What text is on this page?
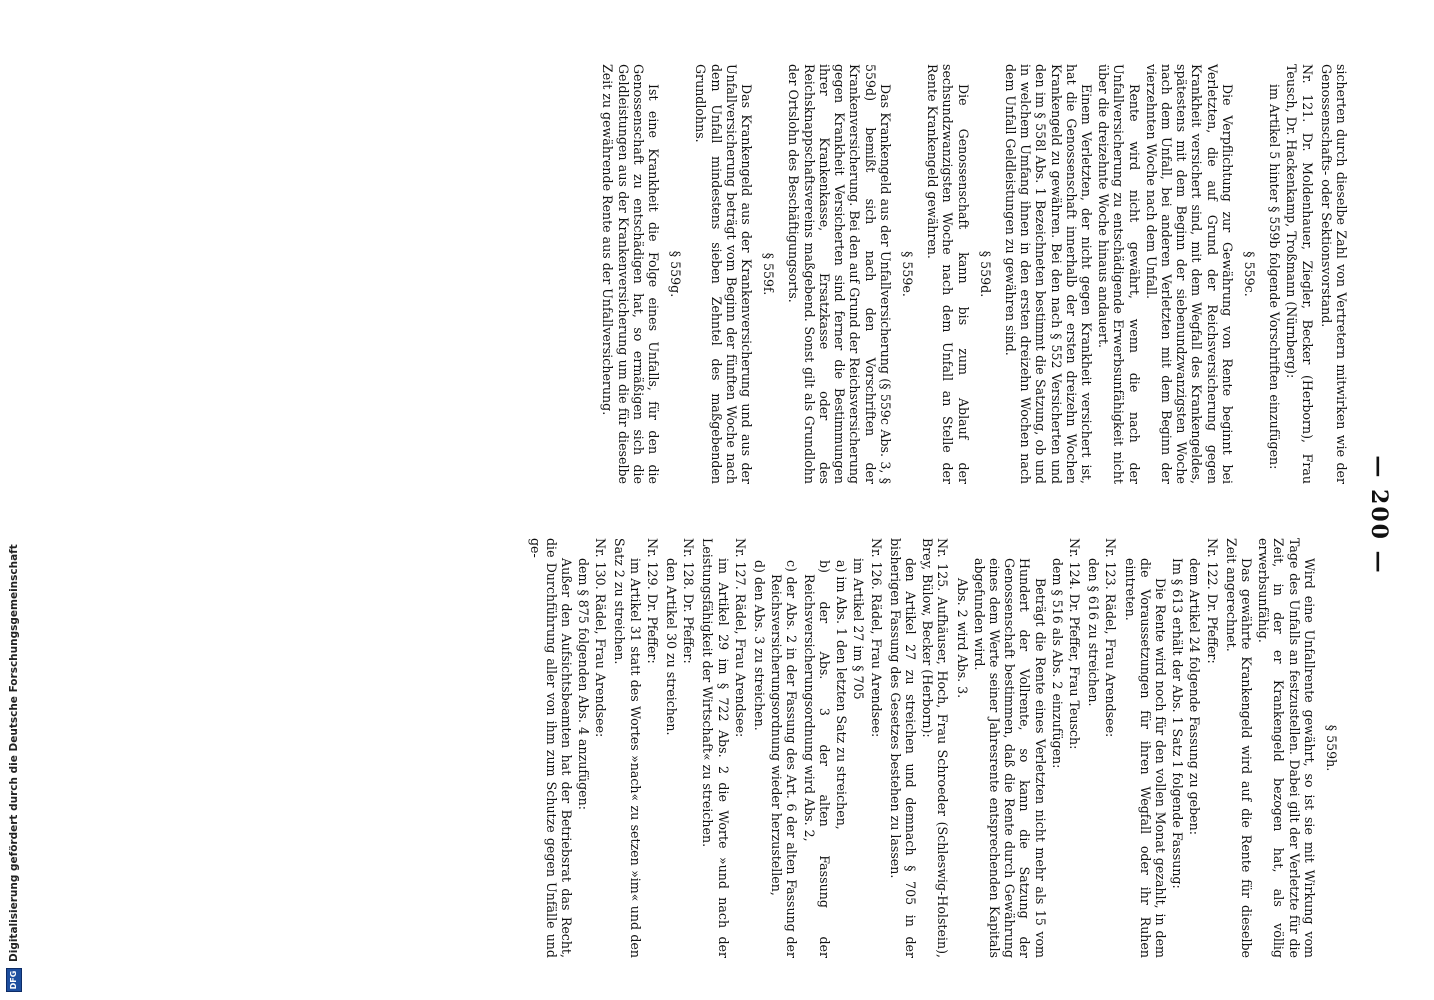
— 200 —

sicherten durch dieselbe Zahl von Vertretern mitwirken wie der Genossenschafts- oder Sektionsvorstand.

Nr. 121. Dr. Moldenhauer, Ziegler, Becker (Herborn), Frau Teusch, Dr. Hackenkamp, Troßmann (Nürnberg):

im Artikel 5 hinter § 559b folgende Vorschriften einzufügen:

§ 559c.

Die Verpflichtung zur Gewährung von Rente beginnt bei Verletzten, die auf Grund der Reichsversicherung gegen Krankheit versichert sind, mit dem Wegfall des Krankengeldes, spätestens mit dem Beginn der siebenundzwanzigsten Woche nach dem Unfall, bei anderen Verletzten mit dem Beginn der vierzehnten Woche nach dem Unfall.

Rente wird nicht gewährt, wenn die nach der Unfallversicherung zu entschädigende Erwerbsunfähigkeit nicht über die dreizehnte Woche hinaus andauert.

Einem Verletzten, der nicht gegen Krankheit versichert ist, hat die Genossenschaft innerhalb der ersten dreizehn Wochen Krankengeld zu gewähren. Bei den nach § 552 Versicherten und den im § 558l Abs. 1 Bezeichneten bestimmt die Satzung, ob und in welchem Umfang ihnen in den ersten dreizehn Wochen nach dem Unfall Geldleistungen zu gewähren sind.

§ 559d.

Die Genossenschaft kann bis zum Ablauf der sechsundzwanzigsten Woche nach dem Unfall an Stelle der Rente Krankengeld gewähren.

§ 559e.

Das Krankengeld aus der Unfallversicherung (§ 559c Abs. 3, § 559d) bemißt sich nach den Vorschriften der Krankenversicherung. Bei den auf Grund der Reichsversicherung gegen Krankheit Versicherten sind ferner die Bestimmungen ihrer Krankenkasse, Ersatzkasse oder des Reichsknappschaftsvereins maßgebend. Sonst gilt als Grundlohn der Ortslohn des Beschäftigungsorts.

§ 559f.

Das Krankengeld aus der Krankenversicherung und aus der Unfallversicherung beträgt vom Beginn der fünften Woche nach dem Unfall mindestens sieben Zehntel des maßgebenden Grundlohns.

§ 559g.

Ist eine Krankheit die Folge eines Unfalls, für den die Genossenschaft zu entschädigen hat, so ermäßigen sich die Geldleistungen aus der Krankenversicherung um die für dieselbe Zeit zu gewährende Rente aus der Unfallversicherung.

§ 559h.

Wird eine Unfallrente gewährt, so ist sie mit Wirkung vom Tage des Unfalls an festzustellen. Dabei gilt der Verletzte für die Zeit, in der er Krankengeld bezogen hat, als völlig erwerbsunfähig.

Das gewährte Krankengeld wird auf die Rente für dieselbe Zeit angerechnet.

Nr. 122. Dr. Pfeffer:

dem Artikel 24 folgende Fassung zu geben:

Im § 613 erhält der Abs. 1 Satz 1 folgende Fassung:

Die Rente wird noch für den vollen Monat gezahlt, in dem die Voraussetzungen für ihren Wegfall oder ihr Ruhen eintreten.

Nr. 123. Rädel, Frau Arendsee:

den § 616 zu streichen.

Nr. 124. Dr. Pfeffer, Frau Teusch:

dem § 516 als Abs. 2 einzufügen:

Beträgt die Rente eines Verletzten nicht mehr als 15 vom Hundert der Vollrente, so kann die Satzung der Genossenschaft bestimmen, daß die Rente durch Gewährung eines dem Werte seiner Jahresrente entsprechenden Kapitals abgefunden wird.

Abs. 2 wird Abs. 3.

Nr. 125. Aufhäuser, Hoch, Frau Schroeder (Schleswig-Holstein), Brey, Bülow, Becker (Herborn):

den Artikel 27 zu streichen und demnach § 705 in der bisherigen Fassung des Gesetzes bestehen zu lassen.

Nr. 126. Rädel, Frau Arendsee:

im Artikel 27 im § 705

a) im Abs. 1 den letzten Satz zu streichen,

b) der Abs. 3 der alten Fassung der Reichsversicherungsordnung wird Abs. 2,

c) der Abs. 2 in der Fassung des Art. 6 der alten Fassung der Reichsversicherungsordnung wieder herzustellen,

d) den Abs. 3 zu streichen.

Nr. 127. Rädel, Frau Arendsee:

im Artikel 29 im § 722 Abs. 2 die Worte »und nach der Leistungsfähigkeit der Wirtschaft« zu streichen.

Nr. 128. Dr. Pfeffer:

den Artikel 30 zu streichen.

Nr. 129. Dr. Pfeffer:

im Artikel 31 statt des Wortes »nach« zu setzen »im« und den Satz 2 zu streichen.

Nr. 130. Rädel, Frau Arendsee:

dem § 875 folgenden Abs. 4 anzufügen:

Außer den Aufsichtsbeamten hat der Betriebsrat das Recht, die Durchführung aller von ihm zum Schutze gegen Unfälle und ge-

DFG
Digitalisierung gefördert durch die Deutsche Forschungsgemeinschaft
